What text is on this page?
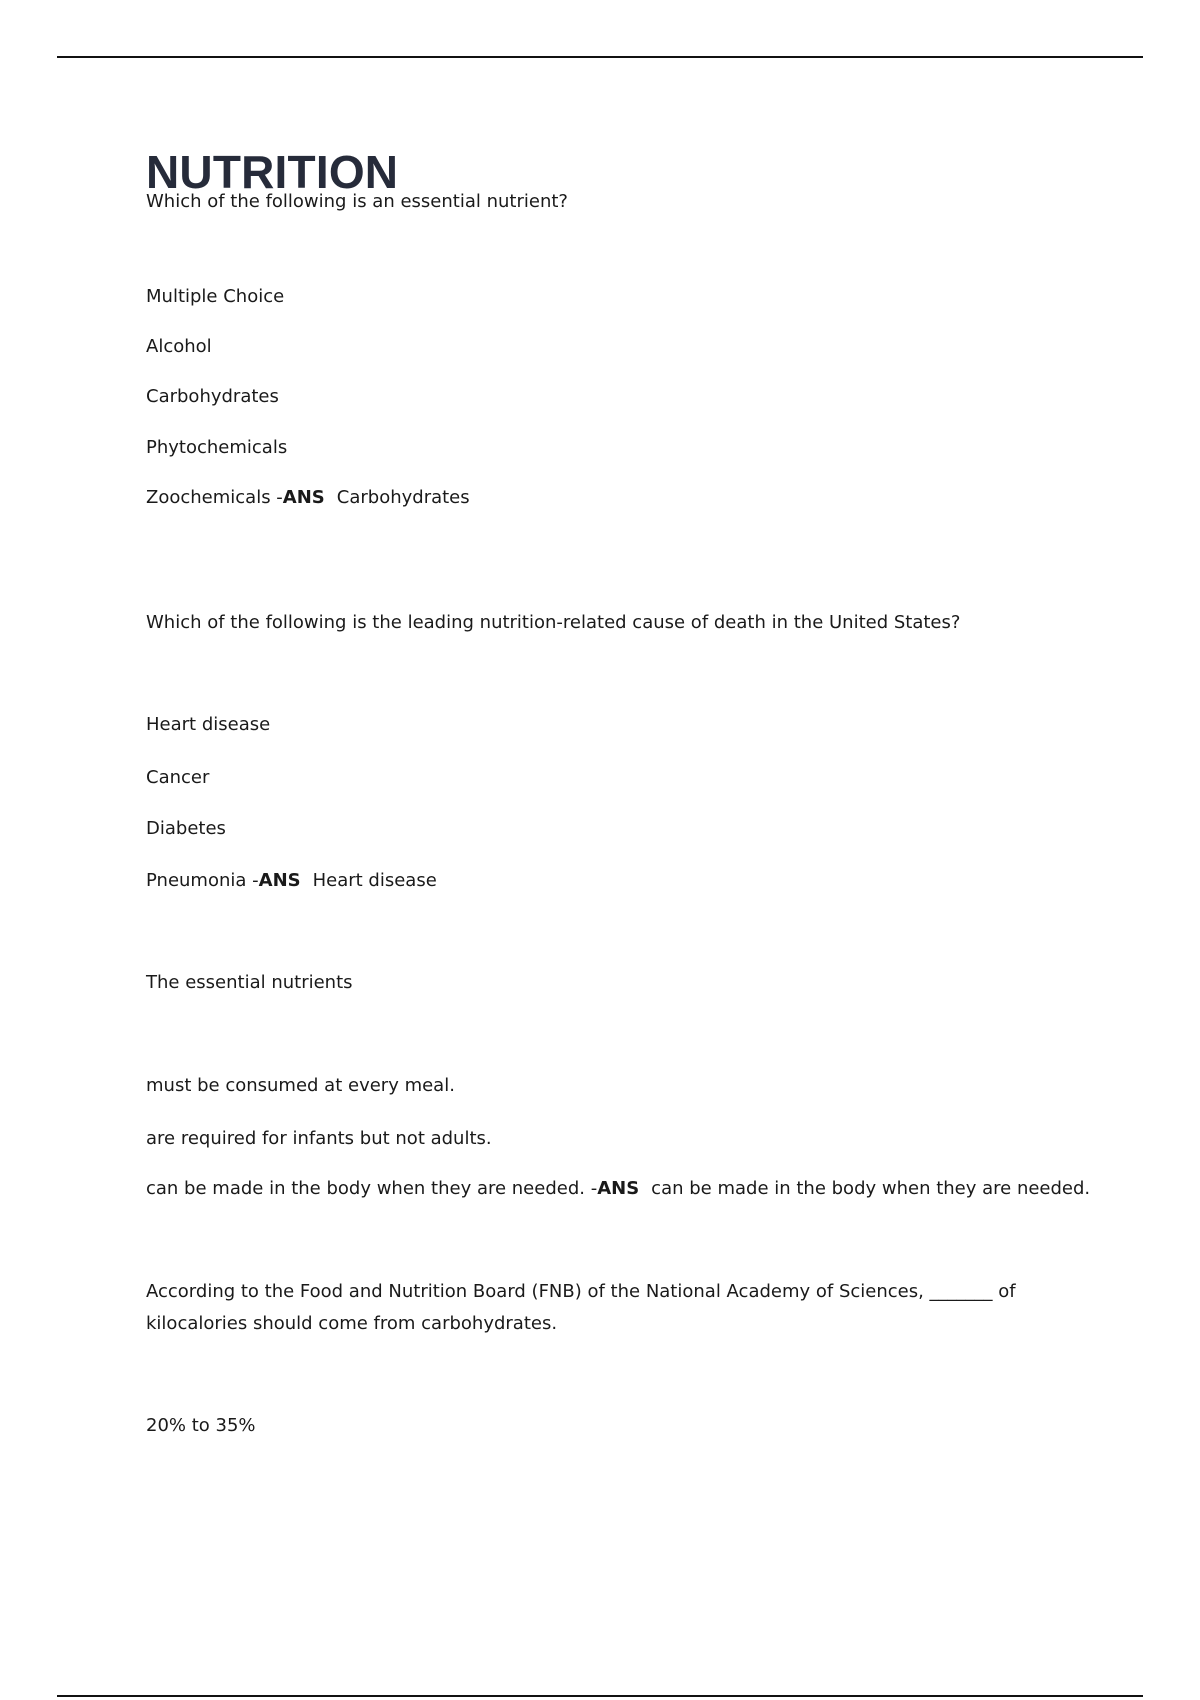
NUTRITION

Which of the following is an essential nutrient?

Multiple Choice

Alcohol

Carbohydrates

Phytochemicals

Zoochemicals -ANS Carbohydrates

Which of the following is the leading nutrition-related cause of death in the United States?

Heart disease

Cancer

Diabetes

Pneumonia -ANS Heart disease

The essential nutrients

must be consumed at every meal.

are required for infants but not adults.

can be made in the body when they are needed. -ANS can be made in the body when they are needed.

According to the Food and Nutrition Board (FNB) of the National Academy of Sciences, _______ of kilocalories should come from carbohydrates.

20% to 35%
